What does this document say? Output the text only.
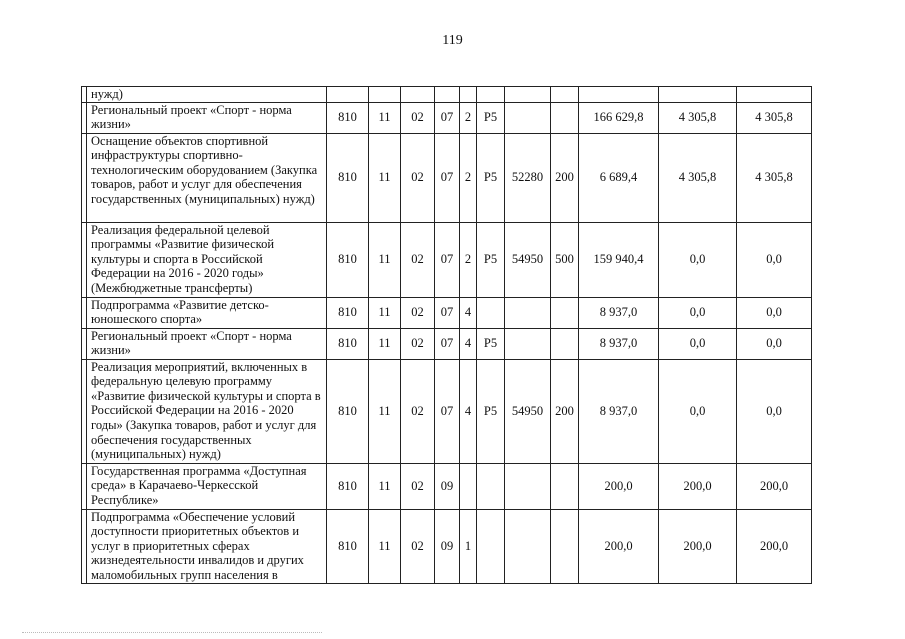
119
	нужд)											
	Региональный проект «Спорт - норма жизни»	810	11	02	07	2	P5			166 629,8	4 305,8	4 305,8
	Оснащение объектов спортивной инфраструктуры спортивно-технологическим оборудованием (Закупка товаров, работ и услуг для обеспечения государственных (муниципальных) нужд)	810	11	02	07	2	P5	52280	200	6 689,4	4 305,8	4 305,8
	Реализация федеральной целевой программы «Развитие физической культуры и спорта в Российской Федерации на 2016 - 2020 годы» (Межбюджетные трансферты)	810	11	02	07	2	P5	54950	500	159 940,4	0,0	0,0
	Подпрограмма «Развитие детско-юношеского спорта»	810	11	02	07	4				8 937,0	0,0	0,0
	Региональный проект «Спорт - норма жизни»	810	11	02	07	4	P5			8 937,0	0,0	0,0
	Реализация мероприятий, включенных в федеральную целевую программу «Развитие физической культуры и спорта в Российской Федерации на 2016 - 2020 годы» (Закупка товаров, работ и услуг для обеспечения государственных (муниципальных) нужд)	810	11	02	07	4	P5	54950	200	8 937,0	0,0	0,0
	Государственная программа «Доступная среда» в Карачаево-Черкесской Республике»	810	11	02	09					200,0	200,0	200,0
	Подпрограмма «Обеспечение условий доступности приоритетных объектов и услуг в приоритетных сферах жизнедеятельности инвалидов и других маломобильных групп населения в	810	11	02	09	1				200,0	200,0	200,0
